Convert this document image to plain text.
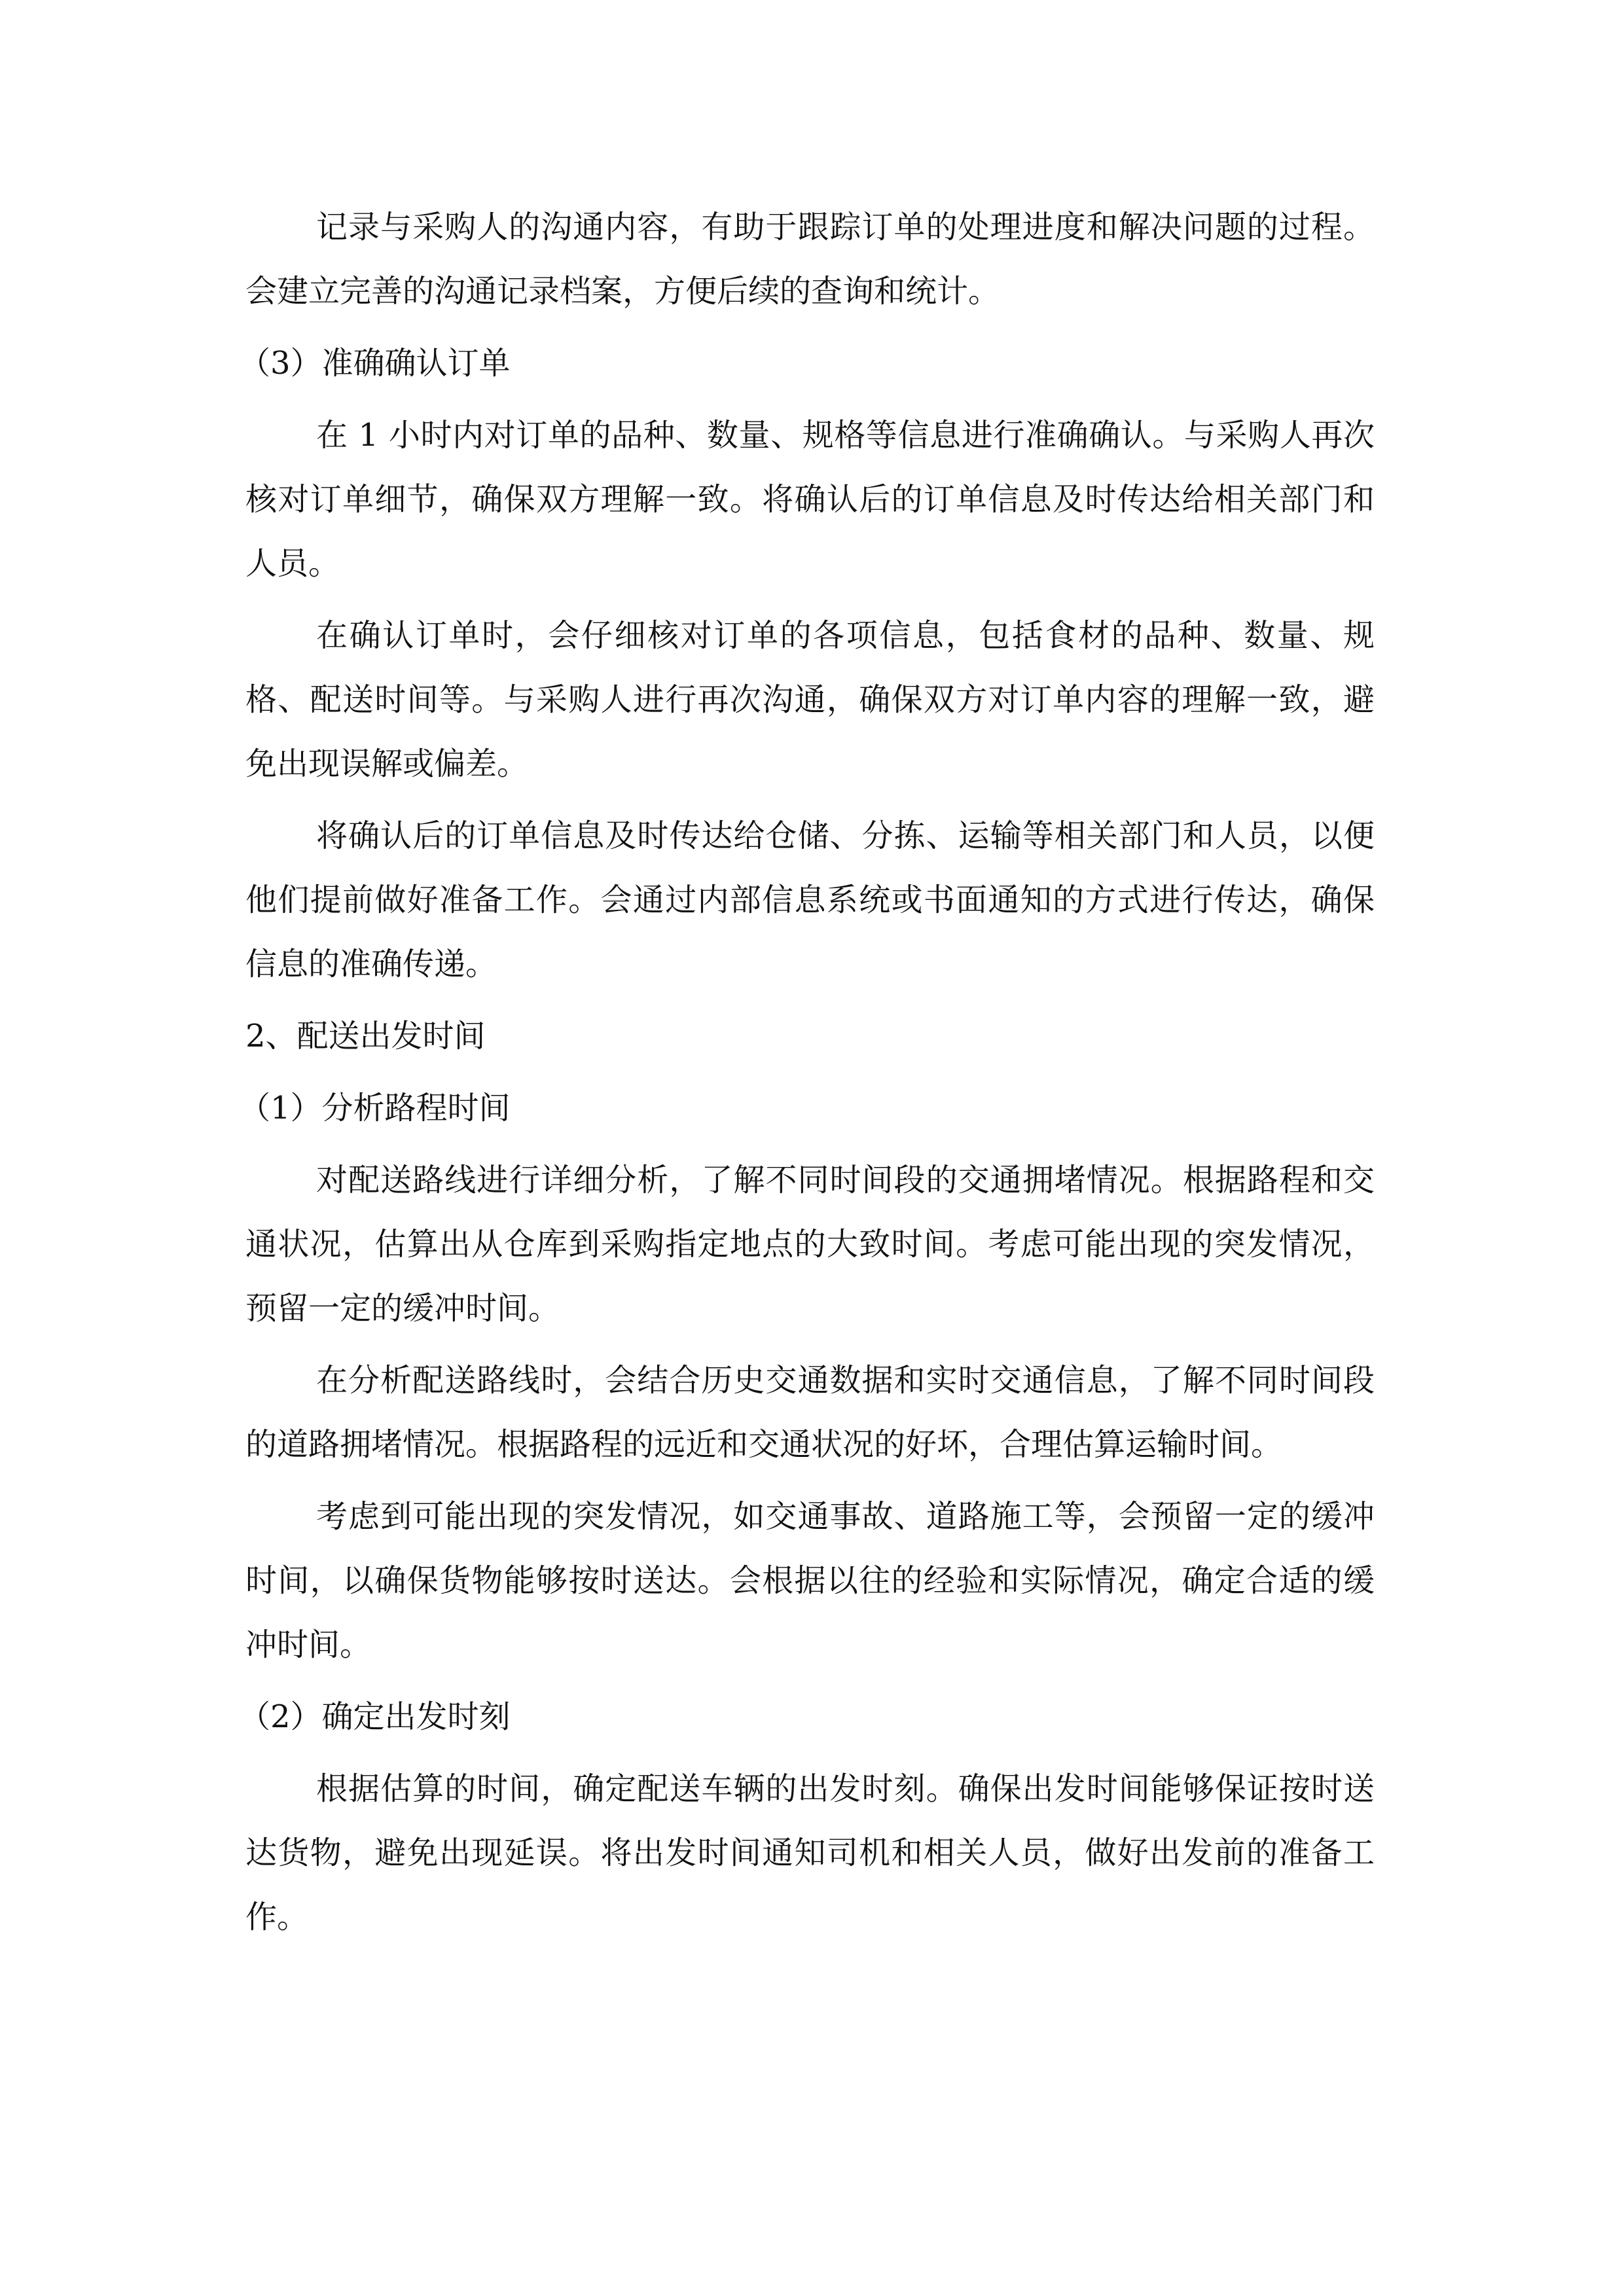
记录与采购人的沟通内容，有助于跟踪订单的处理进度和解决问题的过程。会建立完善的沟通记录档案，方便后续的查询和统计。

（3）准确确认订单

在 1 小时内对订单的品种、数量、规格等信息进行准确确认。与采购人再次核对订单细节，确保双方理解一致。将确认后的订单信息及时传达给相关部门和人员。

在确认订单时，会仔细核对订单的各项信息，包括食材的品种、数量、规格、配送时间等。与采购人进行再次沟通，确保双方对订单内容的理解一致，避免出现误解或偏差。

将确认后的订单信息及时传达给仓储、分拣、运输等相关部门和人员，以便他们提前做好准备工作。会通过内部信息系统或书面通知的方式进行传达，确保信息的准确传递。

2、配送出发时间

（1）分析路程时间

对配送路线进行详细分析，了解不同时间段的交通拥堵情况。根据路程和交通状况，估算出从仓库到采购指定地点的大致时间。考虑可能出现的突发情况，预留一定的缓冲时间。

在分析配送路线时，会结合历史交通数据和实时交通信息，了解不同时间段的道路拥堵情况。根据路程的远近和交通状况的好坏，合理估算运输时间。

考虑到可能出现的突发情况，如交通事故、道路施工等，会预留一定的缓冲时间，以确保货物能够按时送达。会根据以往的经验和实际情况，确定合适的缓冲时间。

（2）确定出发时刻

根据估算的时间，确定配送车辆的出发时刻。确保出发时间能够保证按时送达货物，避免出现延误。将出发时间通知司机和相关人员，做好出发前的准备工作。
